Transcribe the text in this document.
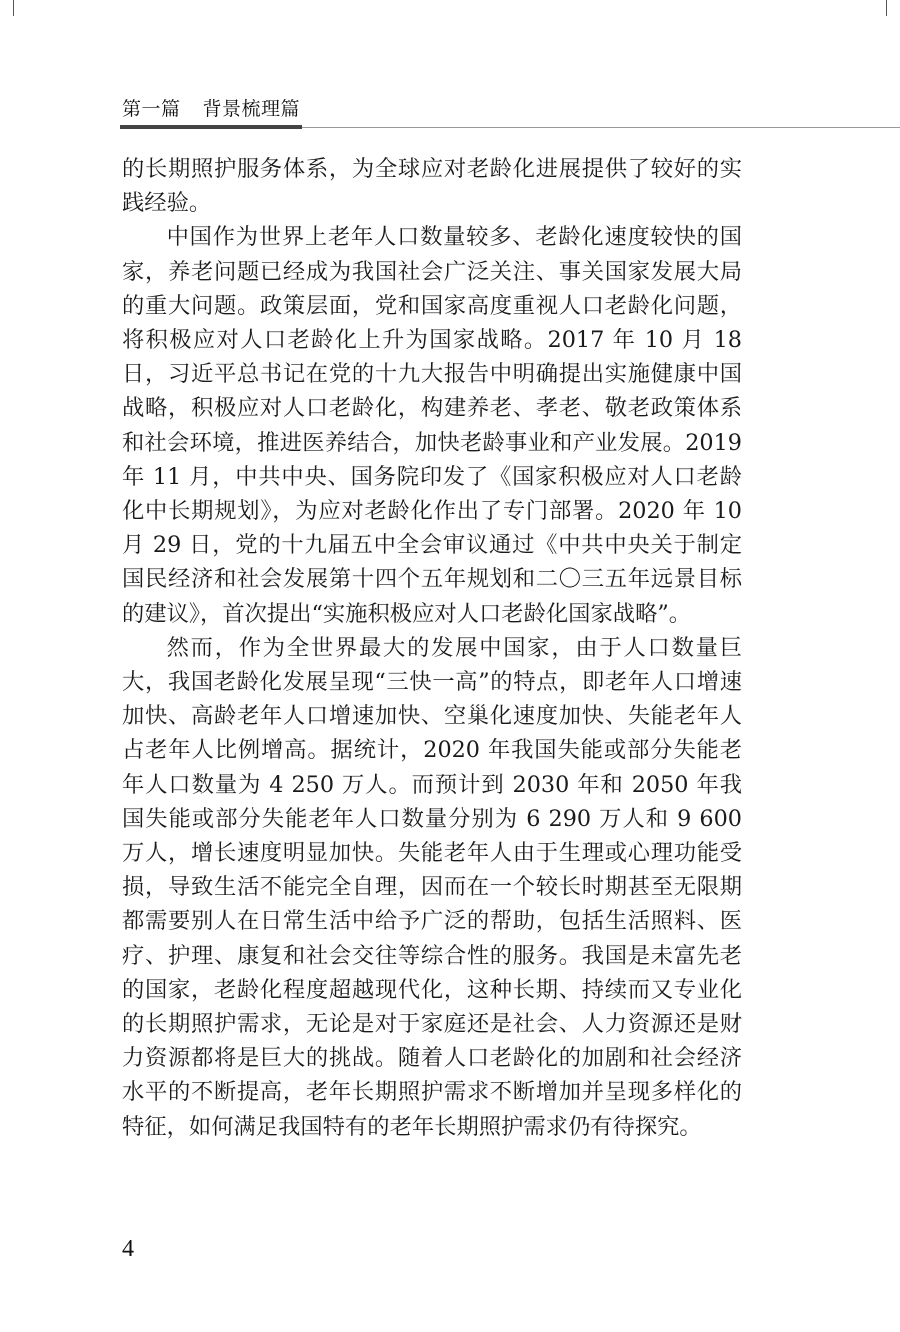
第一篇 背景梳理篇

的长期照护服务体系，为全球应对老龄化进展提供了较好的实践经验。

中国作为世界上老年人口数量较多、老龄化速度较快的国家，养老问题已经成为我国社会广泛关注、事关国家发展大局的重大问题。政策层面，党和国家高度重视人口老龄化问题，将积极应对人口老龄化上升为国家战略。2017 年 10 月 18 日，习近平总书记在党的十九大报告中明确提出实施健康中国战略，积极应对人口老龄化，构建养老、孝老、敬老政策体系和社会环境，推进医养结合，加快老龄事业和产业发展。2019 年 11 月，中共中央、国务院印发了《国家积极应对人口老龄化中长期规划》，为应对老龄化作出了专门部署。2020 年 10 月 29 日，党的十九届五中全会审议通过《中共中央关于制定国民经济和社会发展第十四个五年规划和二〇三五年远景目标的建议》，首次提出“实施积极应对人口老龄化国家战略”。

然而，作为全世界最大的发展中国家，由于人口数量巨大，我国老龄化发展呈现“三快一高”的特点，即老年人口增速加快、高龄老年人口增速加快、空巢化速度加快、失能老年人占老年人比例增高。据统计，2020 年我国失能或部分失能老年人口数量为 4 250 万人。而预计到 2030 年和 2050 年我国失能或部分失能老年人口数量分别为 6 290 万人和 9 600 万人，增长速度明显加快。失能老年人由于生理或心理功能受损，导致生活不能完全自理，因而在一个较长时期甚至无限期都需要别人在日常生活中给予广泛的帮助，包括生活照料、医疗、护理、康复和社会交往等综合性的服务。我国是未富先老的国家，老龄化程度超越现代化，这种长期、持续而又专业化的长期照护需求，无论是对于家庭还是社会、人力资源还是财力资源都将是巨大的挑战。随着人口老龄化的加剧和社会经济水平的不断提高，老年长期照护需求不断增加并呈现多样化的特征，如何满足我国特有的老年长期照护需求仍有待探究。

4
